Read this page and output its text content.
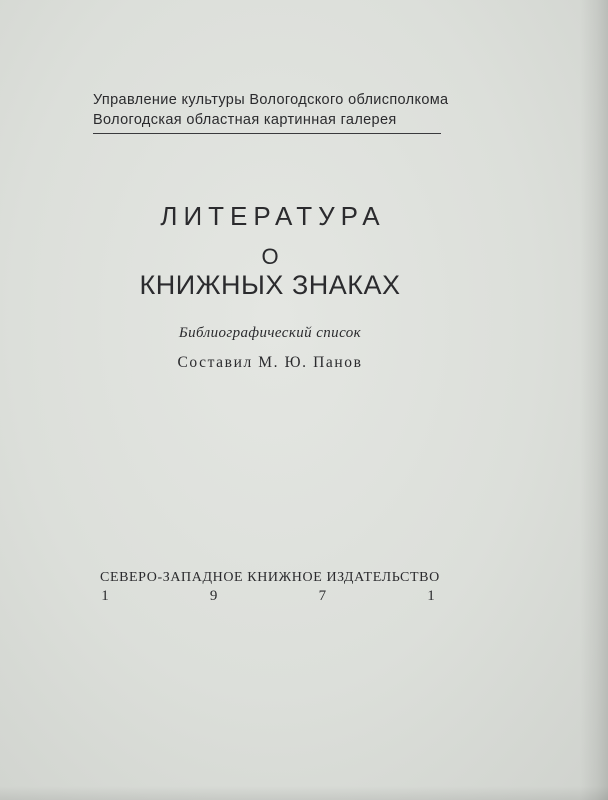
Управление культуры Вологодского облисполкома
Вологодская областная картинная галерея
ЛИТЕРАТУРА
О
КНИЖНЫХ ЗНАКАХ
Библиографический список
Составил М. Ю. Панов
СЕВЕРО-ЗАПАДНОЕ КНИЖНОЕ ИЗДАТЕЛЬСТВО
1	9	7	1
